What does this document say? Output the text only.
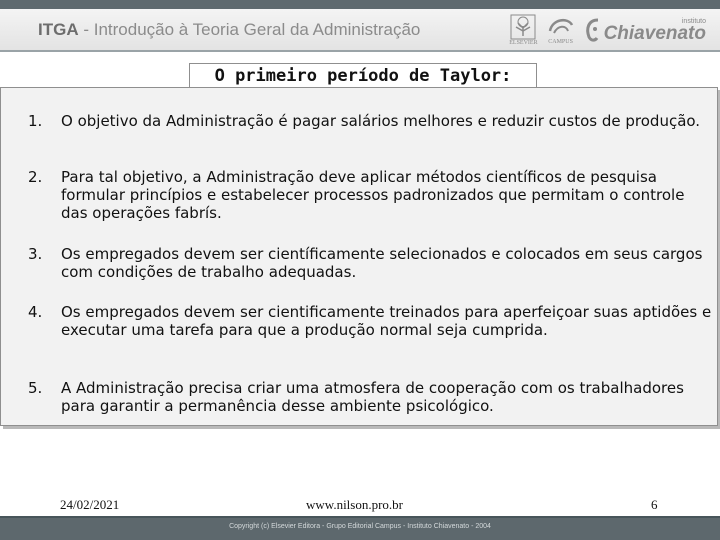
ITGA - Introdução à Teoria Geral da Administração
ELSEVIER CAMPUS
instituto
Chiavenato
O primeiro período de Taylor:
1.	O objetivo da Administração é pagar salários melhores e reduzir custos de produção.
2.	Para tal objetivo, a Administração deve aplicar métodos científicos de pesquisa formular princípios e estabelecer processos padronizados que permitam o controle das operações fabrís.
3.	Os empregados devem ser científicamente selecionados e colocados em seus cargos com condições de trabalho adequadas.
4.	Os empregados devem ser cientificamente treinados para aperfeiçoar suas aptidões e executar uma tarefa para que a produção normal seja cumprida.
5.	A Administração precisa criar uma atmosfera de cooperação com os trabalhadores para garantir a permanência desse ambiente psicológico.
24/02/2021	www.nilson.pro.br	6
Copyright (c) Elsevier Editora - Grupo Editorial Campus - Instituto Chiavenato - 2004
